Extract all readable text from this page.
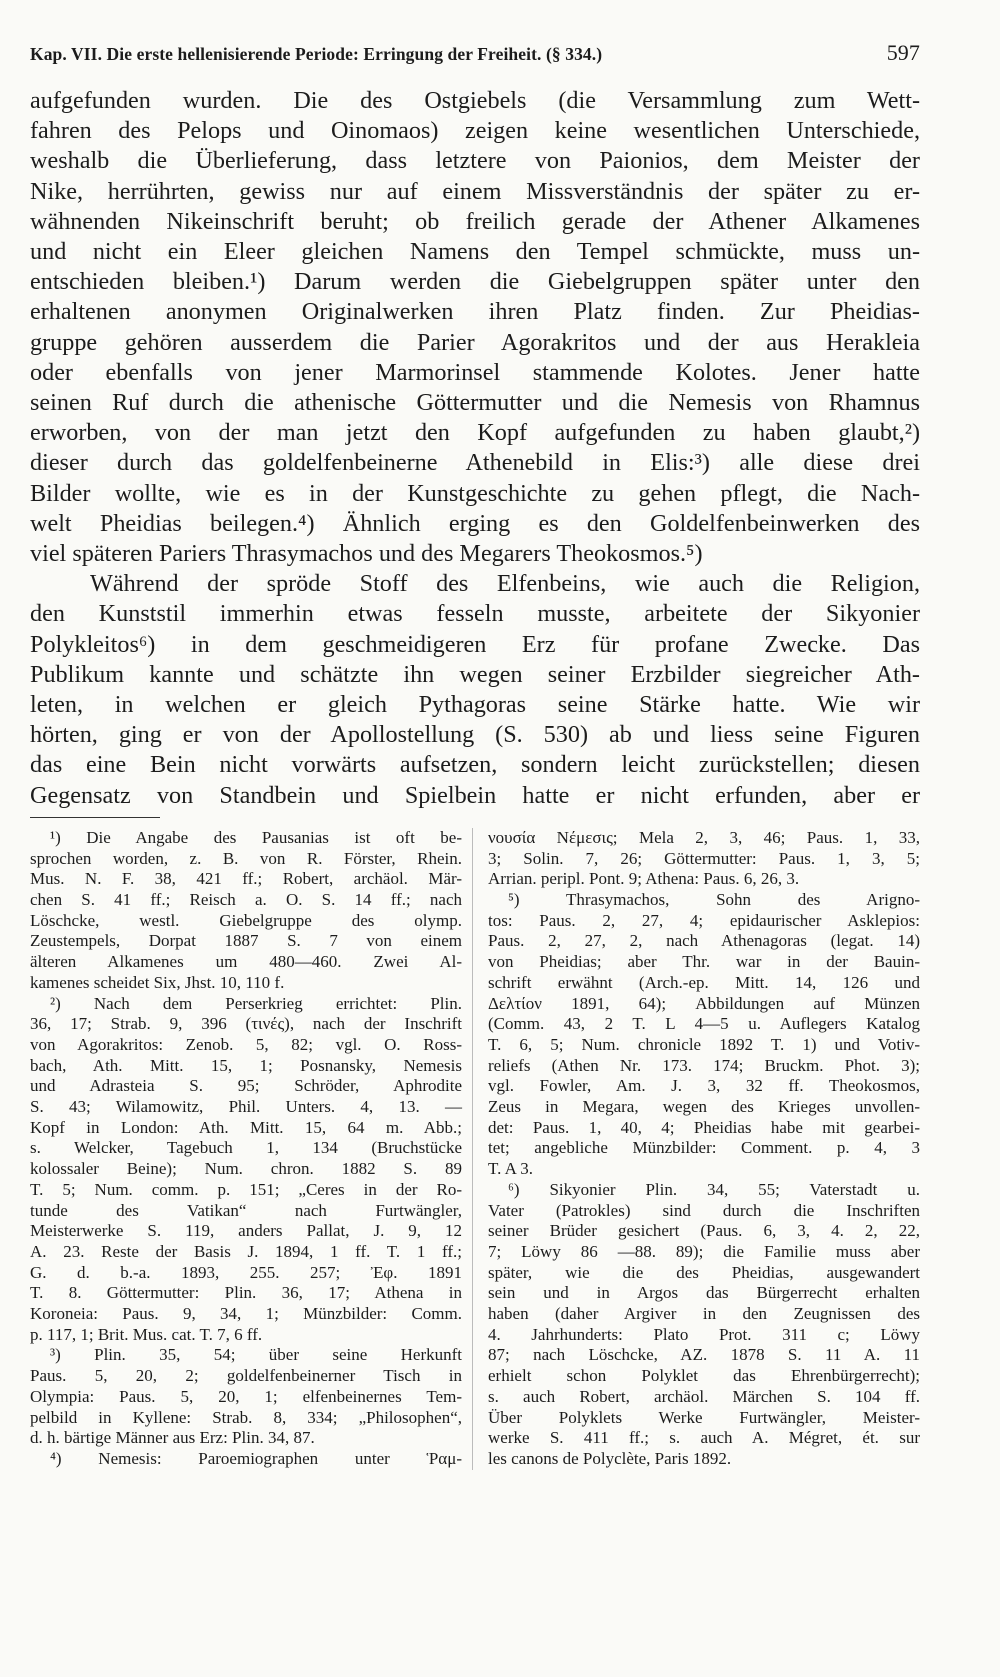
Kap. VII. Die erste hellenisierende Periode: Erringung der Freiheit. (§ 334.)	597
aufgefunden wurden. Die des Ostgiebels (die Versammlung zum Wett-
fahren des Pelops und Oinomaos) zeigen keine wesentlichen Unterschiede,
weshalb die Überlieferung, dass letztere von Paionios, dem Meister der
Nike, herrührten, gewiss nur auf einem Missverständnis der später zu er-
wähnenden Nikeinschrift beruht; ob freilich gerade der Athener Alkamenes
und nicht ein Eleer gleichen Namens den Tempel schmückte, muss un-
entschieden bleiben.¹) Darum werden die Giebelgruppen später unter den
erhaltenen anonymen Originalwerken ihren Platz finden. Zur Pheidias-
gruppe gehören ausserdem die Parier Agorakritos und der aus Herakleia
oder ebenfalls von jener Marmorinsel stammende Kolotes. Jener hatte
seinen Ruf durch die athenische Göttermutter und die Nemesis von Rhamnus
erworben, von der man jetzt den Kopf aufgefunden zu haben glaubt,²)
dieser durch das goldelfenbeinerne Athenebild in Elis:³) alle diese drei
Bilder wollte, wie es in der Kunstgeschichte zu gehen pflegt, die Nach-
welt Pheidias beilegen.⁴) Ähnlich erging es den Goldelfenbeinwerken des
viel späteren Pariers Thrasymachos und des Megarers Theokosmos.⁵)
Während der spröde Stoff des Elfenbeins, wie auch die Religion,
den Kunststil immerhin etwas fesseln musste, arbeitete der Sikyonier
Polykleitos⁶) in dem geschmeidigeren Erz für profane Zwecke. Das
Publikum kannte und schätzte ihn wegen seiner Erzbilder siegreicher Ath-
leten, in welchen er gleich Pythagoras seine Stärke hatte. Wie wir
hörten, ging er von der Apollostellung (S. 530) ab und liess seine Figuren
das eine Bein nicht vorwärts aufsetzen, sondern leicht zurückstellen; diesen
Gegensatz von Standbein und Spielbein hatte er nicht erfunden, aber er
¹) Die Angabe des Pausanias ist oft be-
sprochen worden, z. B. von R. Förster, Rhein.
Mus. N. F. 38, 421 ff.; Robert, archäol. Mär-
chen S. 41 ff.; Reisch a. O. S. 14 ff.; nach
Löschcke, westl. Giebelgruppe des olymp.
Zeustempels, Dorpat 1887 S. 7 von einem
älteren Alkamenes um 480—460. Zwei Al-
kamenes scheidet Six, Jhst. 10, 110 f.
²) Nach dem Perserkrieg errichtet: Plin.
36, 17; Strab. 9, 396 (τινές), nach der Inschrift
von Agorakritos: Zenob. 5, 82; vgl. O. Ross-
bach, Ath. Mitt. 15, 1; Posnansky, Nemesis
und Adrasteia S. 95; Schröder, Aphrodite
S. 43; Wilamowitz, Phil. Unters. 4, 13. —
Kopf in London: Ath. Mitt. 15, 64 m. Abb.;
s. Welcker, Tagebuch 1, 134 (Bruchstücke
kolossaler Beine); Num. chron. 1882 S. 89
T. 5; Num. comm. p. 151; „Ceres in der Ro-
tunde des Vatikan“ nach Furtwängler,
Meisterwerke S. 119, anders Pallat, J. 9, 12
A. 23. Reste der Basis J. 1894, 1 ff. T. 1 ff.;
G. d. b.-a. 1893, 255. 257; Ἐφ. 1891
T. 8. Göttermutter: Plin. 36, 17; Athena in
Koroneia: Paus. 9, 34, 1; Münzbilder: Comm.
p. 117, 1; Brit. Mus. cat. T. 7, 6 ff.
³) Plin. 35, 54; über seine Herkunft
Paus. 5, 20, 2; goldelfenbeinerner Tisch in
Olympia: Paus. 5, 20, 1; elfenbeinernes Tem-
pelbild in Kyllene: Strab. 8, 334; „Philosophen“,
d. h. bärtige Männer aus Erz: Plin. 34, 87.
⁴) Nemesis: Paroemiographen unter Ῥαμ-
νουσία Νέμεσις; Mela 2, 3, 46; Paus. 1, 33,
3; Solin. 7, 26; Göttermutter: Paus. 1, 3, 5;
Arrian. peripl. Pont. 9; Athena: Paus. 6, 26, 3.
⁵) Thrasymachos, Sohn des Arigno-
tos: Paus. 2, 27, 4; epidaurischer Asklepios:
Paus. 2, 27, 2, nach Athenagoras (legat. 14)
von Pheidias; aber Thr. war in der Bauin-
schrift erwähnt (Arch.-ep. Mitt. 14, 126 und
Δελτίον 1891, 64); Abbildungen auf Münzen
(Comm. 43, 2 T. L 4—5 u. Auflegers Katalog
T. 6, 5; Num. chronicle 1892 T. 1) und Votiv-
reliefs (Athen Nr. 173. 174; Bruckm. Phot. 3);
vgl. Fowler, Am. J. 3, 32 ff. Theokosmos,
Zeus in Megara, wegen des Krieges unvollen-
det: Paus. 1, 40, 4; Pheidias habe mit gearbei-
tet; angebliche Münzbilder: Comment. p. 4, 3
T. A 3.
⁶) Sikyonier Plin. 34, 55; Vaterstadt u.
Vater (Patrokles) sind durch die Inschriften
seiner Brüder gesichert (Paus. 6, 3, 4. 2, 22,
7; Löwy 86 —88. 89); die Familie muss aber
später, wie die des Pheidias, ausgewandert
sein und in Argos das Bürgerrecht erhalten
haben (daher Argiver in den Zeugnissen des
4. Jahrhunderts: Plato Prot. 311 c; Löwy
87; nach Löschcke, AZ. 1878 S. 11 A. 11
erhielt schon Polyklet das Ehrenbürgerrecht);
s. auch Robert, archäol. Märchen S. 104 ff.
Über Polyklets Werke Furtwängler, Meister-
werke S. 411 ff.; s. auch A. Mégret, ét. sur
les canons de Polyclète, Paris 1892.
